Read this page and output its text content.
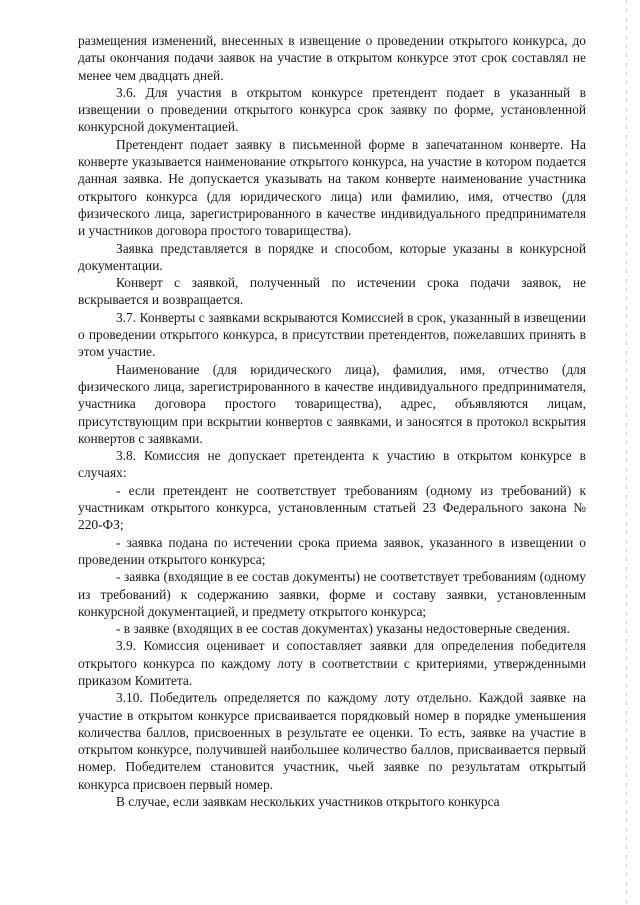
размещения изменений, внесенных в извещение о проведении открытого конкурса, до даты окончания подачи заявок на участие в открытом конкурсе этот срок составлял не менее чем двадцать дней.

3.6. Для участия в открытом конкурсе претендент подает в указанный в извещении о проведении открытого конкурса срок заявку по форме, установленной конкурсной документацией.

Претендент подает заявку в письменной форме в запечатанном конверте. На конверте указывается наименование открытого конкурса, на участие в котором подается данная заявка. Не допускается указывать на таком конверте наименование участника открытого конкурса (для юридического лица) или фамилию, имя, отчество (для физического лица, зарегистрированного в качестве индивидуального предпринимателя и участников договора простого товарищества).

Заявка представляется в порядке и способом, которые указаны в конкурсной документации.

Конверт с заявкой, полученный по истечении срока подачи заявок, не вскрывается и возвращается.

3.7. Конверты с заявками вскрываются Комиссией в срок, указанный в извещении о проведении открытого конкурса, в присутствии претендентов, пожелавших принять в этом участие.

Наименование (для юридического лица), фамилия, имя, отчество (для физического лица, зарегистрированного в качестве индивидуального предпринимателя, участника договора простого товарищества), адрес, объявляются лицам, присутствующим при вскрытии конвертов с заявками, и заносятся в протокол вскрытия конвертов с заявками.

3.8. Комиссия не допускает претендента к участию в открытом конкурсе в случаях:

- если претендент не соответствует требованиям (одному из требований) к участникам открытого конкурса, установленным статьей 23 Федерального закона № 220-ФЗ;

- заявка подана по истечении срока приема заявок, указанного в извещении о проведении открытого конкурса;

- заявка (входящие в ее состав документы) не соответствует требованиям (одному из требований) к содержанию заявки, форме и составу заявки, установленным конкурсной документацией, и предмету открытого конкурса;

- в заявке (входящих в ее состав документах) указаны недостоверные сведения.

3.9. Комиссия оценивает и сопоставляет заявки для определения победителя открытого конкурса по каждому лоту в соответствии с критериями, утвержденными приказом Комитета.

3.10. Победитель определяется по каждому лоту отдельно. Каждой заявке на участие в открытом конкурсе присваивается порядковый номер в порядке уменьшения количества баллов, присвоенных в результате ее оценки. То есть, заявке на участие в открытом конкурсе, получившей наибольшее количество баллов, присваивается первый номер. Победителем становится участник, чьей заявке по результатам открытый конкурса присвоен первый номер.

В случае, если заявкам нескольких участников открытого конкурса
